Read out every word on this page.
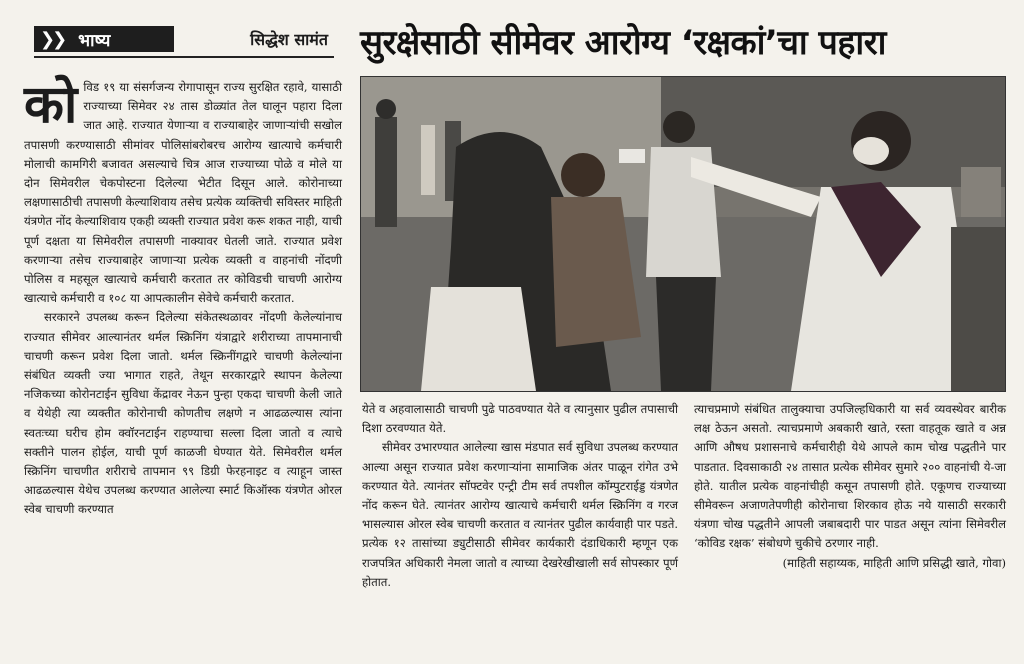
❯❯ भाष्य	सिद्धेश सामंत सुरक्षेसाठी सीमेवर आरोग्य ‘रक्षकां’चा पहारा

कोविड १९ या संसर्गजन्य रोगापासून राज्य सुरक्षित रहावे, यासाठी राज्याच्या सिमेवर २४ तास डोळ्यांत तेल घालून पहारा दिला जात आहे. राज्यात येणाऱ्या व राज्याबाहेर जाणाऱ्यांची सखोल तपासणी करण्यासाठी सीमांवर पोलिसांबरोबरच आरोग्य खात्याचे कर्मचारी मोलाची कामगिरी बजावत असल्याचे चित्र आज राज्याच्या पोळे व मोले या दोन सिमेवरील चेकपोस्टना दिलेल्या भेटीत दिसून आले. कोरोनाच्या लक्षणासाठीची तपासणी केल्याशिवाय तसेच प्रत्येक व्यक्तिची सविस्तर माहिती यंत्रणेत नोंद केल्याशिवाय एकही व्यक्ती राज्यात प्रवेश करू शकत नाही, याची पूर्ण दक्षता या सिमेवरील तपासणी नाक्यावर घेतली जाते. राज्यात प्रवेश करणाऱ्या तसेच राज्याबाहेर जाणाऱ्या प्रत्येक व्यक्ती व वाहनांची नोंदणी पोलिस व महसूल खात्याचे कर्मचारी करतात तर कोविडची चाचणी आरोग्य खात्याचे कर्मचारी व १०८ या आपत्कालीन सेवेचे कर्मचारी करतात.

सरकारने उपलब्ध करून दिलेल्या संकेतस्थळावर नोंदणी केलेल्यांनाच राज्यात सीमेवर आल्यानंतर थर्मल स्क्रिनिंग यंत्राद्वारे शरीराच्या तापमानाची चाचणी करून प्रवेश दिला जातो. थर्मल स्क्रिनींगद्वारे चाचणी केलेल्यांना संबंधित व्यक्ती ज्या भागात राहते, तेथून सरकारद्वारे स्थापन केलेल्या नजिकच्या कोरोनटाईन सुविधा केंद्रावर नेऊन पुन्हा एकदा चाचणी केली जाते व येथेही त्या व्यक्तीत कोरोनाची कोणतीच लक्षणे न आढळल्यास त्यांना स्वतःच्या घरीच होम क्वॉरनटाईन राहण्याचा सल्ला दिला जातो व त्याचे सक्तीने पालन होईल, याची पूर्ण काळजी घेण्यात येते. सिमेवरील थर्मल स्क्रिनिंग चाचणीत शरीराचे तापमान ९९ डिग्री फेरहनाइट व त्याहून जास्त आढळल्यास येथेच उपलब्ध करण्यात आलेल्या स्मार्ट किऑस्क यंत्रणेत ओरल स्वेब चाचणी करण्यात

येते व अहवालासाठी चाचणी पुढे पाठवण्यात येते व त्यानुसार पुढील तपासाची दिशा ठरवण्यात येते.

सीमेवर उभारण्यात आलेल्या खास मंडपात सर्व सुविधा उपलब्ध करण्यात आल्या असून राज्यात प्रवेश करणाऱ्यांना सामाजिक अंतर पाळून रांगेत उभे करण्यात येते. त्यानंतर सॉफ्टवेर एन्ट्री टीम सर्व तपशील कॉम्पुटराईड्ड यंत्रणेत नोंद करून घेते. त्यानंतर आरोग्य खात्याचे कर्मचारी थर्मल स्क्रिनिंग व गरज भासल्यास ओरल स्वेब चाचणी करतात व त्यानंतर पुढील कार्यवाही पार पडते. प्रत्येक १२ तासांच्या ड्युटीसाठी सीमेवर कार्यकारी दंडाधिकारी म्हणून एक राजपत्रित अधिकारी नेमला जातो व त्याच्या देखरेखीखाली सर्व सोपस्कार पूर्ण होतात.

त्याचप्रमाणे संबंधित तालुक्याचा उपजिल्हधिकारी या सर्व व्यवस्थेवर बारीक लक्ष ठेऊन असतो. त्याचप्रमाणे अबकारी खाते, रस्ता वाहतूक खाते व अन्न आणि औषध प्रशासनाचे कर्मचारीही येथे आपले काम चोख पद्धतीने पार पाडतात. दिवसाकाठी २४ तासात प्रत्येक सीमेवर सुमारे २०० वाहनांची ये-जा होते. यातील प्रत्येक वाहनांचीही कसून तपासणी होते. एकूणच राज्याच्या सीमेवरून अजाणतेपणीही कोरोनाचा शिरकाव होऊ नये यासाठी सरकारी यंत्रणा चोख पद्धतीने आपली जबाबदारी पार पाडत असून त्यांना सिमेवरील ‘कोविड रक्षक’ संबोधणे चुकीचे ठरणार नाही.

(माहिती सहाय्यक, माहिती आणि प्रसिद्धी खाते, गोवा)
